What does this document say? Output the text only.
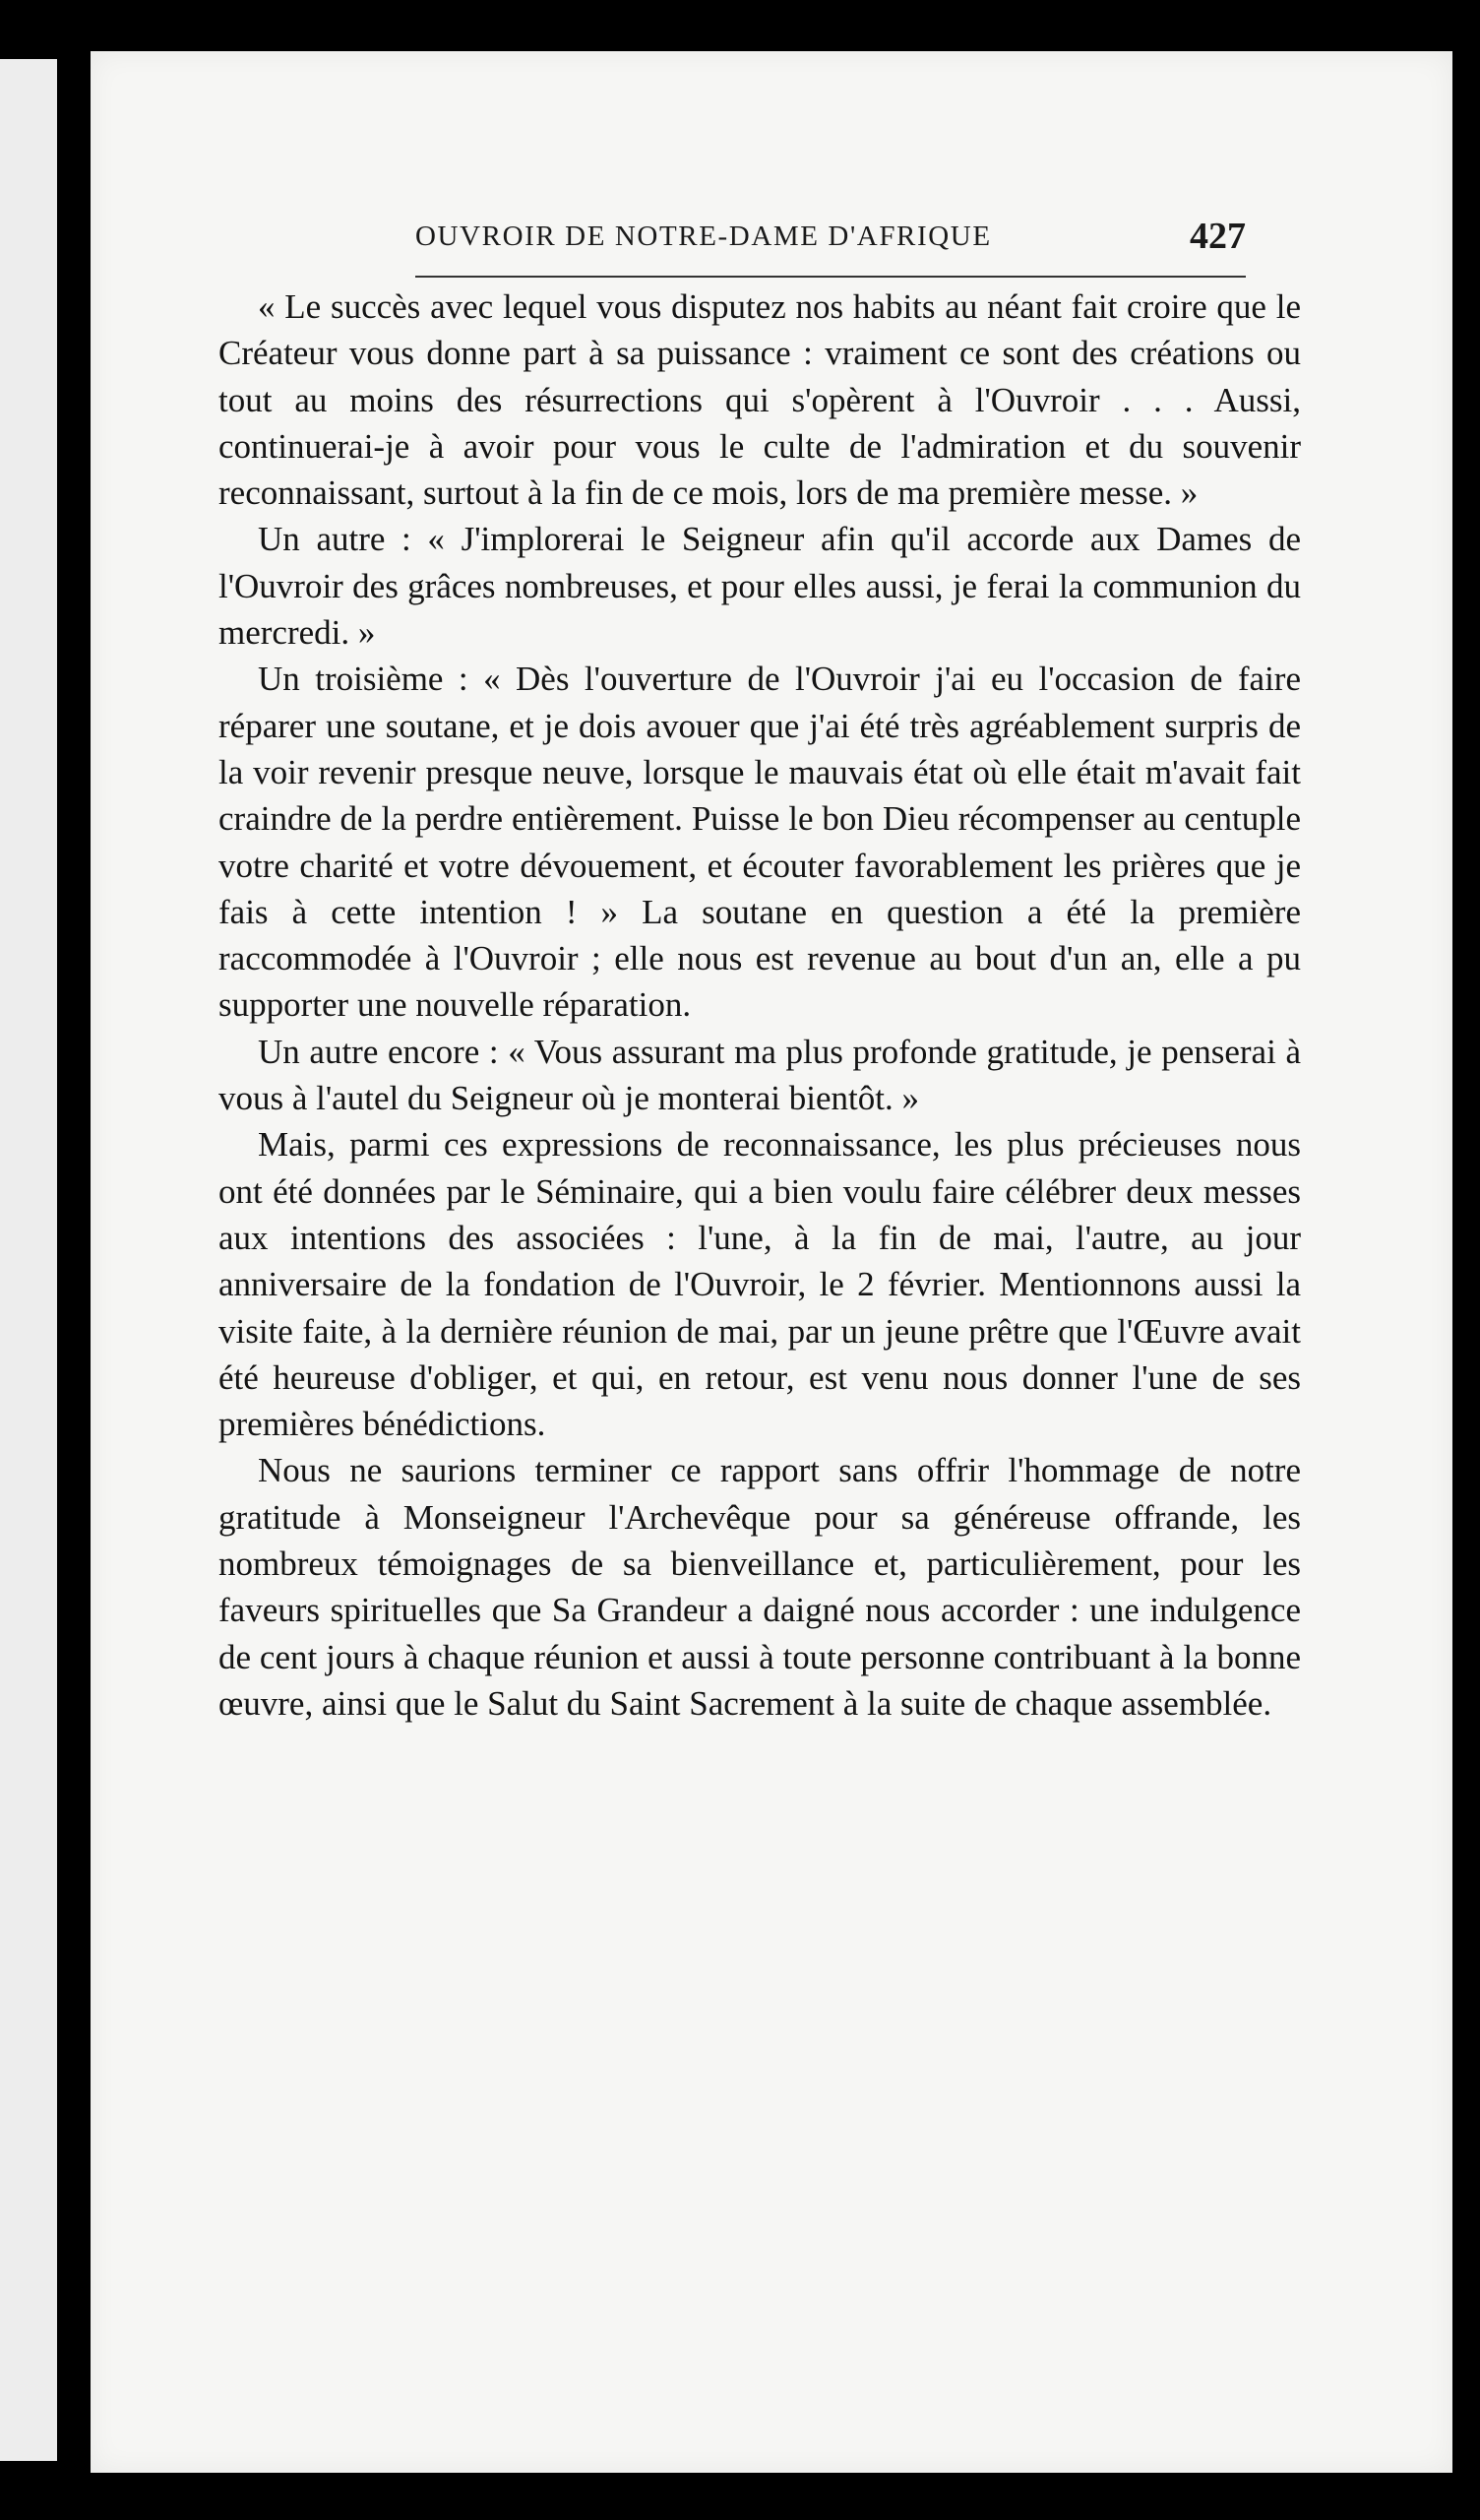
OUVROIR DE NOTRE-DAME D'AFRIQUE	427

« Le succès avec lequel vous disputez nos habits au néant fait croire que le Créateur vous donne part à sa puissance : vraiment ce sont des créations ou tout au moins des résurrections qui s'opèrent à l'Ouvroir . . . Aussi, continuerai-je à avoir pour vous le culte de l'admiration et du souvenir reconnaissant, surtout à la fin de ce mois, lors de ma première messe. »

Un autre : « J'implorerai le Seigneur afin qu'il accorde aux Dames de l'Ouvroir des grâces nombreuses, et pour elles aussi, je ferai la communion du mercredi. »

Un troisième : « Dès l'ouverture de l'Ouvroir j'ai eu l'occasion de faire réparer une soutane, et je dois avouer que j'ai été très agréablement surpris de la voir revenir presque neuve, lorsque le mauvais état où elle était m'avait fait craindre de la perdre entièrement. Puisse le bon Dieu récompenser au centuple votre charité et votre dévouement, et écouter favorablement les prières que je fais à cette intention ! » La soutane en question a été la première raccommodée à l'Ouvroir ; elle nous est revenue au bout d'un an, elle a pu supporter une nouvelle réparation.

Un autre encore : « Vous assurant ma plus profonde gratitude, je penserai à vous à l'autel du Seigneur où je monterai bientôt. »

Mais, parmi ces expressions de reconnaissance, les plus précieuses nous ont été données par le Séminaire, qui a bien voulu faire célébrer deux messes aux intentions des associées : l'une, à la fin de mai, l'autre, au jour anniversaire de la fondation de l'Ouvroir, le 2 février. Mentionnons aussi la visite faite, à la dernière réunion de mai, par un jeune prêtre que l'Œuvre avait été heureuse d'obliger, et qui, en retour, est venu nous donner l'une de ses premières bénédictions.

Nous ne saurions terminer ce rapport sans offrir l'hommage de notre gratitude à Monseigneur l'Archevêque pour sa généreuse offrande, les nombreux témoignages de sa bienveillance et, particulièrement, pour les faveurs spirituelles que Sa Grandeur a daigné nous accorder : une indulgence de cent jours à chaque réunion et aussi à toute personne contribuant à la bonne œuvre, ainsi que le Salut du Saint Sacrement à la suite de chaque assemblée.
